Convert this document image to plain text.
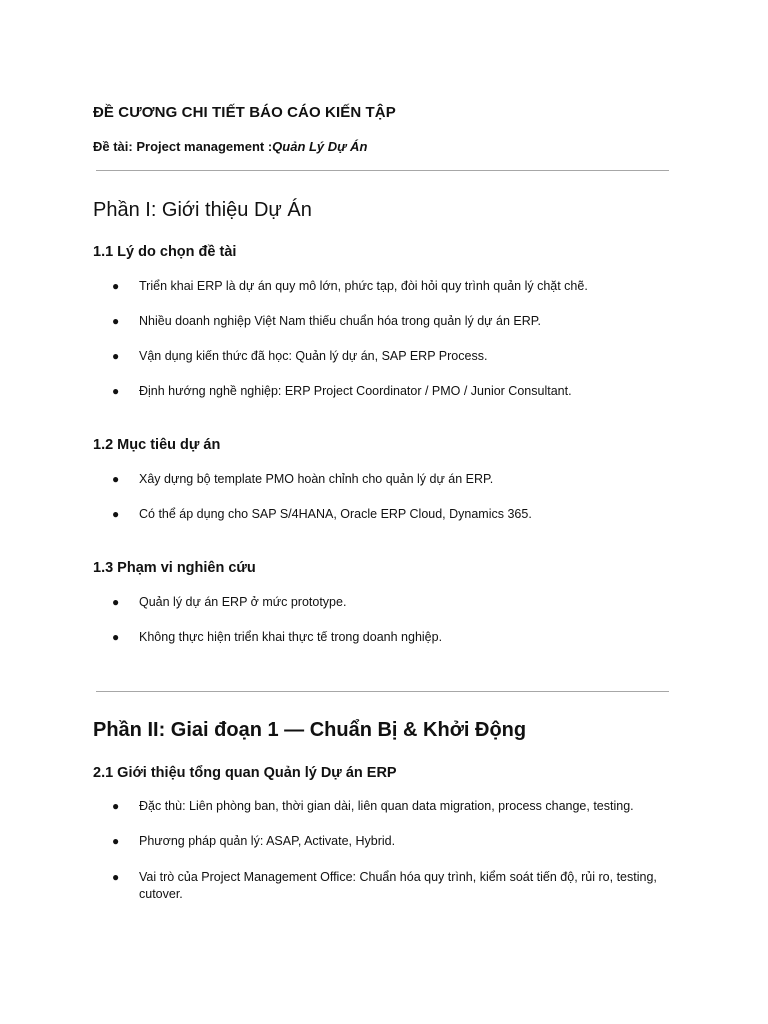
ĐỀ CƯƠNG CHI TIẾT BÁO CÁO KIẾN TẬP
Đề tài: Project management :Quản Lý Dự Án
Phần I: Giới thiệu Dự Án
1.1 Lý do chọn đề tài
● Triển khai ERP là dự án quy mô lớn, phức tạp, đòi hỏi quy trình quản lý chặt chẽ.
● Nhiều doanh nghiệp Việt Nam thiếu chuẩn hóa trong quản lý dự án ERP.
● Vận dụng kiến thức đã học: Quản lý dự án, SAP ERP Process.
● Định hướng nghề nghiệp: ERP Project Coordinator / PMO / Junior Consultant.
1.2 Mục tiêu dự án
● Xây dựng bộ template PMO hoàn chỉnh cho quản lý dự án ERP.
● Có thể áp dụng cho SAP S/4HANA, Oracle ERP Cloud, Dynamics 365.
1.3 Phạm vi nghiên cứu
● Quản lý dự án ERP ở mức prototype.
● Không thực hiện triển khai thực tế trong doanh nghiệp.
Phần II: Giai đoạn 1 — Chuẩn Bị & Khởi Động
2.1 Giới thiệu tổng quan Quản lý Dự án ERP
● Đặc thù: Liên phòng ban, thời gian dài, liên quan data migration, process change, testing.
● Phương pháp quản lý: ASAP, Activate, Hybrid.
● Vai trò của Project Management Office: Chuẩn hóa quy trình, kiểm soát tiến độ, rủi ro, testing, cutover.
